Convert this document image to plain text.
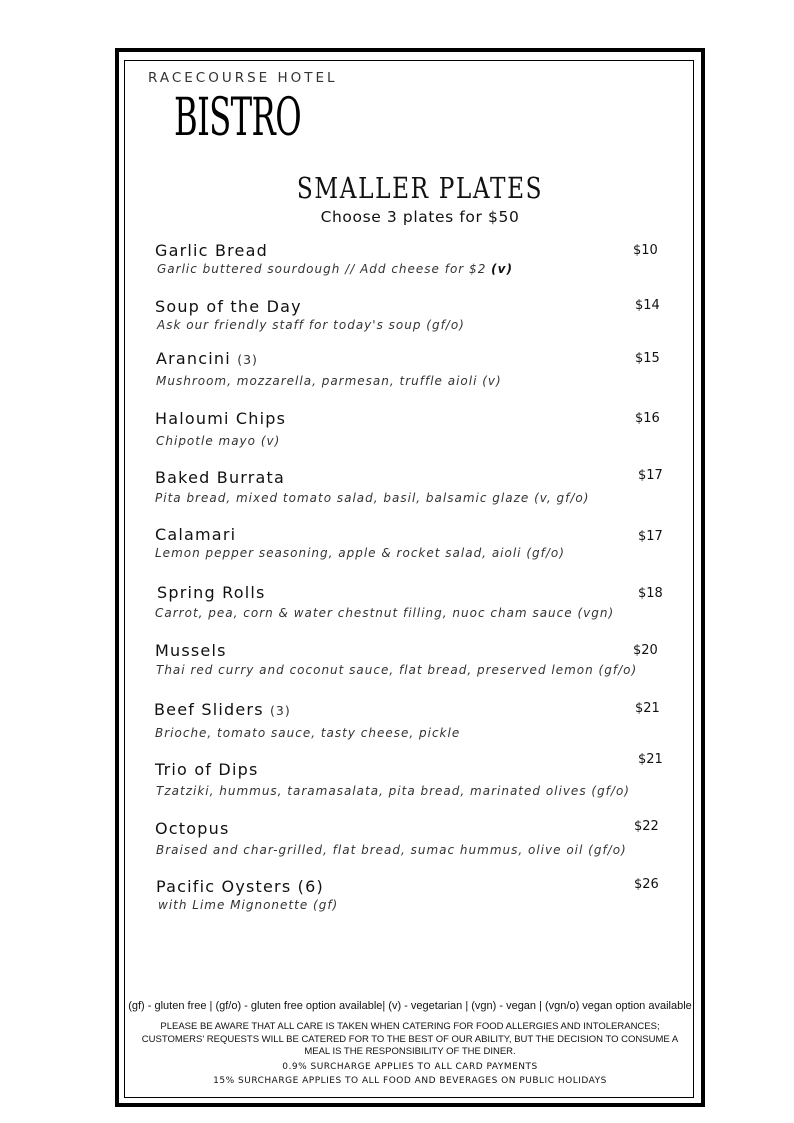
RACECOURSE HOTEL
BISTRO
SMALLER PLATES
Choose 3 plates for $50
Garlic Bread
Garlic buttered sourdough // Add cheese for $2 (v)
$10
Soup of the Day
Ask our friendly staff for today's soup (gf/o)
$14
Arancini (3)
Mushroom, mozzarella, parmesan, truffle aioli (v)
$15
Haloumi Chips
Chipotle mayo (v)
$16
Baked Burrata
Pita bread, mixed tomato salad, basil, balsamic glaze (v, gf/o)
$17
Calamari
Lemon pepper seasoning, apple & rocket salad, aioli (gf/o)
$17
Spring Rolls
Carrot, pea, corn & water chestnut filling, nuoc cham sauce (vgn)
$18
Mussels
Thai red curry and coconut sauce, flat bread, preserved lemon (gf/o)
$20
Beef Sliders (3)
Brioche, tomato sauce, tasty cheese, pickle
$21
Trio of Dips
Tzatziki, hummus, taramasalata, pita bread, marinated olives (gf/o)
$21
Octopus
Braised and char-grilled, flat bread, sumac hummus, olive oil (gf/o)
$22
Pacific Oysters (6)
with Lime Mignonette (gf)
$26
(gf) - gluten free | (gf/o) - gluten free option available| (v) - vegetarian | (vgn) - vegan | (vgn/o) vegan option available
PLEASE BE AWARE THAT ALL CARE IS TAKEN WHEN CATERING FOR FOOD ALLERGIES AND INTOLERANCES; CUSTOMERS' REQUESTS WILL BE CATERED FOR TO THE BEST OF OUR ABILITY, BUT THE DECISION TO CONSUME A MEAL IS THE RESPONSIBILITY OF THE DINER.
0.9% SURCHARGE APPLIES TO ALL CARD PAYMENTS
15% SURCHARGE APPLIES TO ALL FOOD AND BEVERAGES ON PUBLIC HOLIDAYS
